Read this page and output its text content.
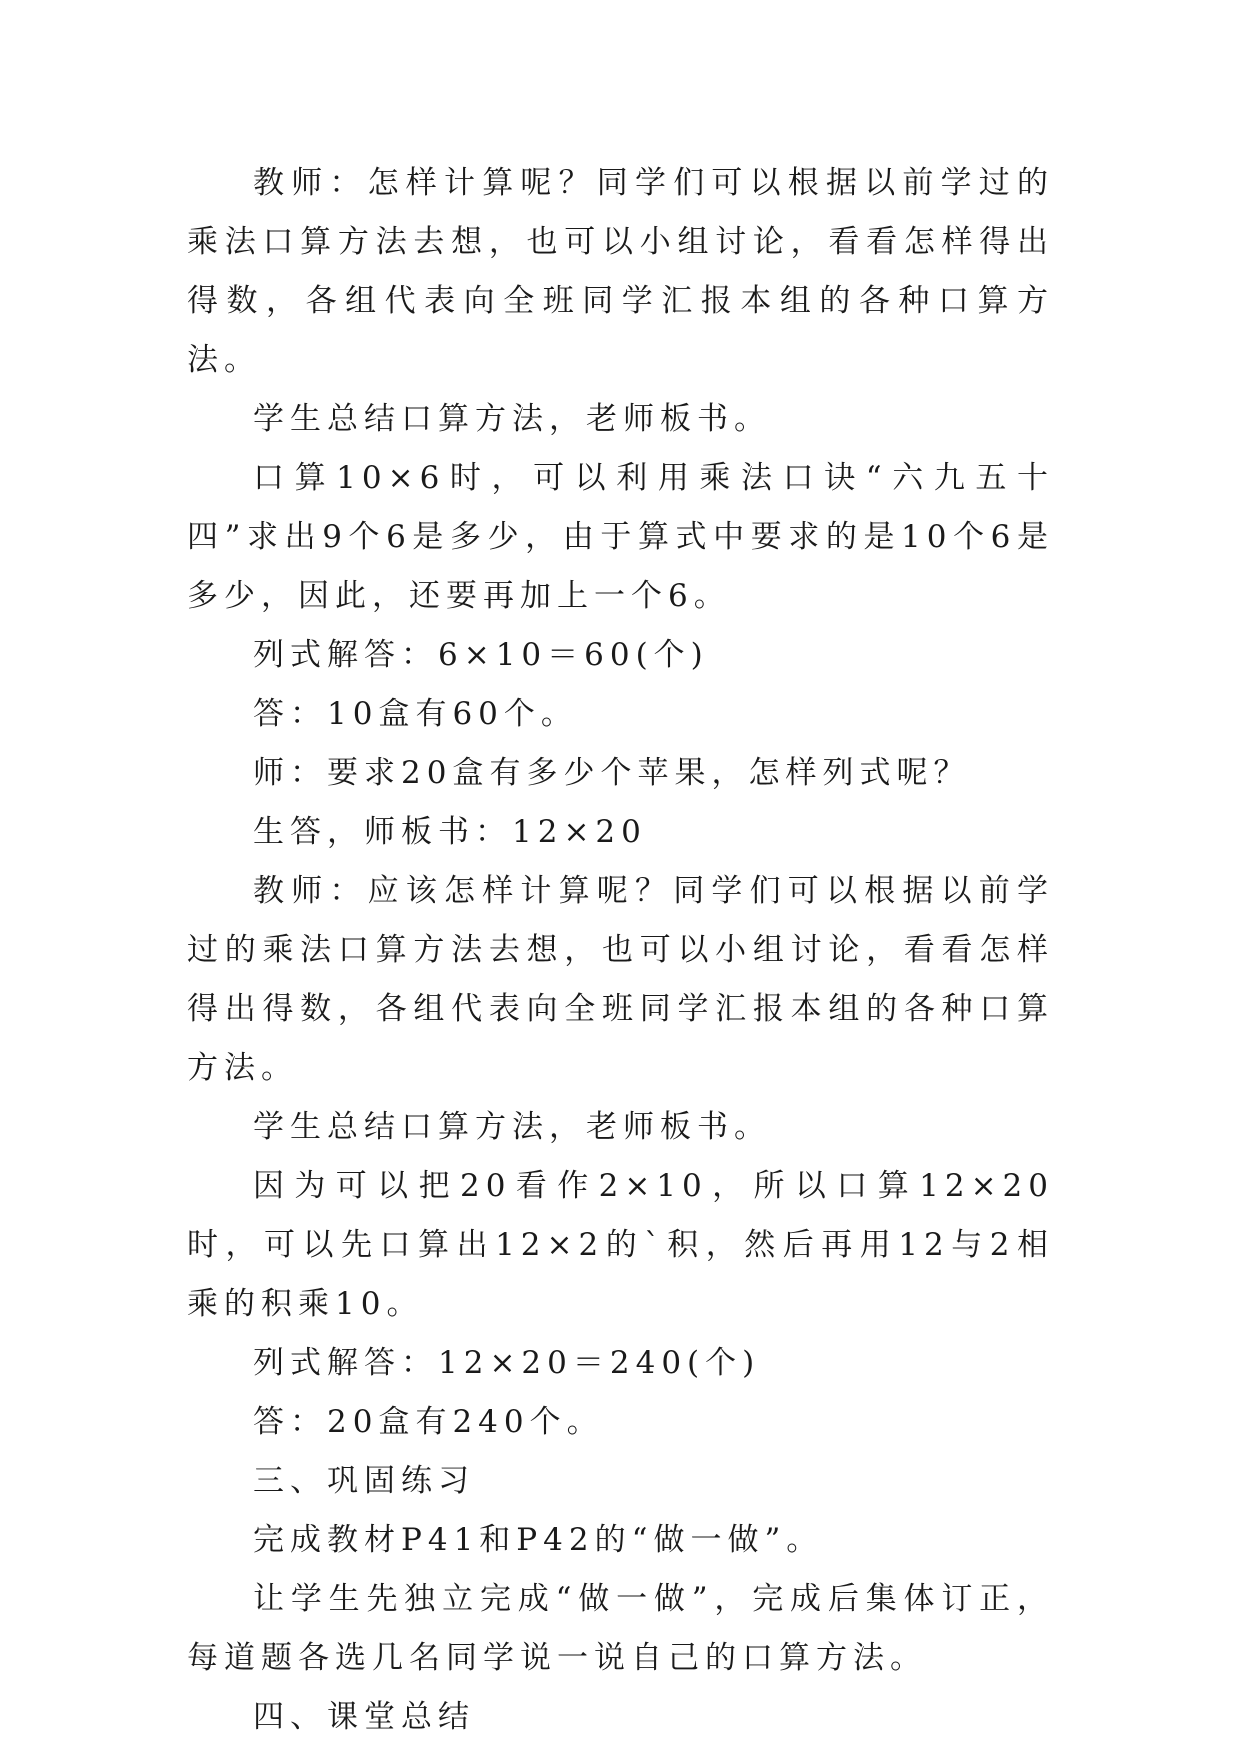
教师：怎样计算呢？同学们可以根据以前学过的乘法口算方法去想，也可以小组讨论，看看怎样得出得数，各组代表向全班同学汇报本组的各种口算方法。

学生总结口算方法，老师板书。

口算10×6时，可以利用乘法口诀“六九五十四”求出9个6是多少，由于算式中要求的是10个6是多少，因此，还要再加上一个6。

列式解答：6×10＝60(个)

答：10盒有60个。

师：要求20盒有多少个苹果，怎样列式呢？

生答，师板书：12×20

教师：应该怎样计算呢？同学们可以根据以前学过的乘法口算方法去想，也可以小组讨论，看看怎样得出得数，各组代表向全班同学汇报本组的各种口算方法。

学生总结口算方法，老师板书。

因为可以把20看作2×10，所以口算12×20时，可以先口算出12×2的`积，然后再用12与2相乘的积乘10。

列式解答：12×20＝240(个)

答：20盒有240个。

三、巩固练习

完成教材P41和P42的“做一做”。

让学生先独立完成“做一做”，完成后集体订正，每道题各选几名同学说一说自己的口算方法。

四、课堂总结
